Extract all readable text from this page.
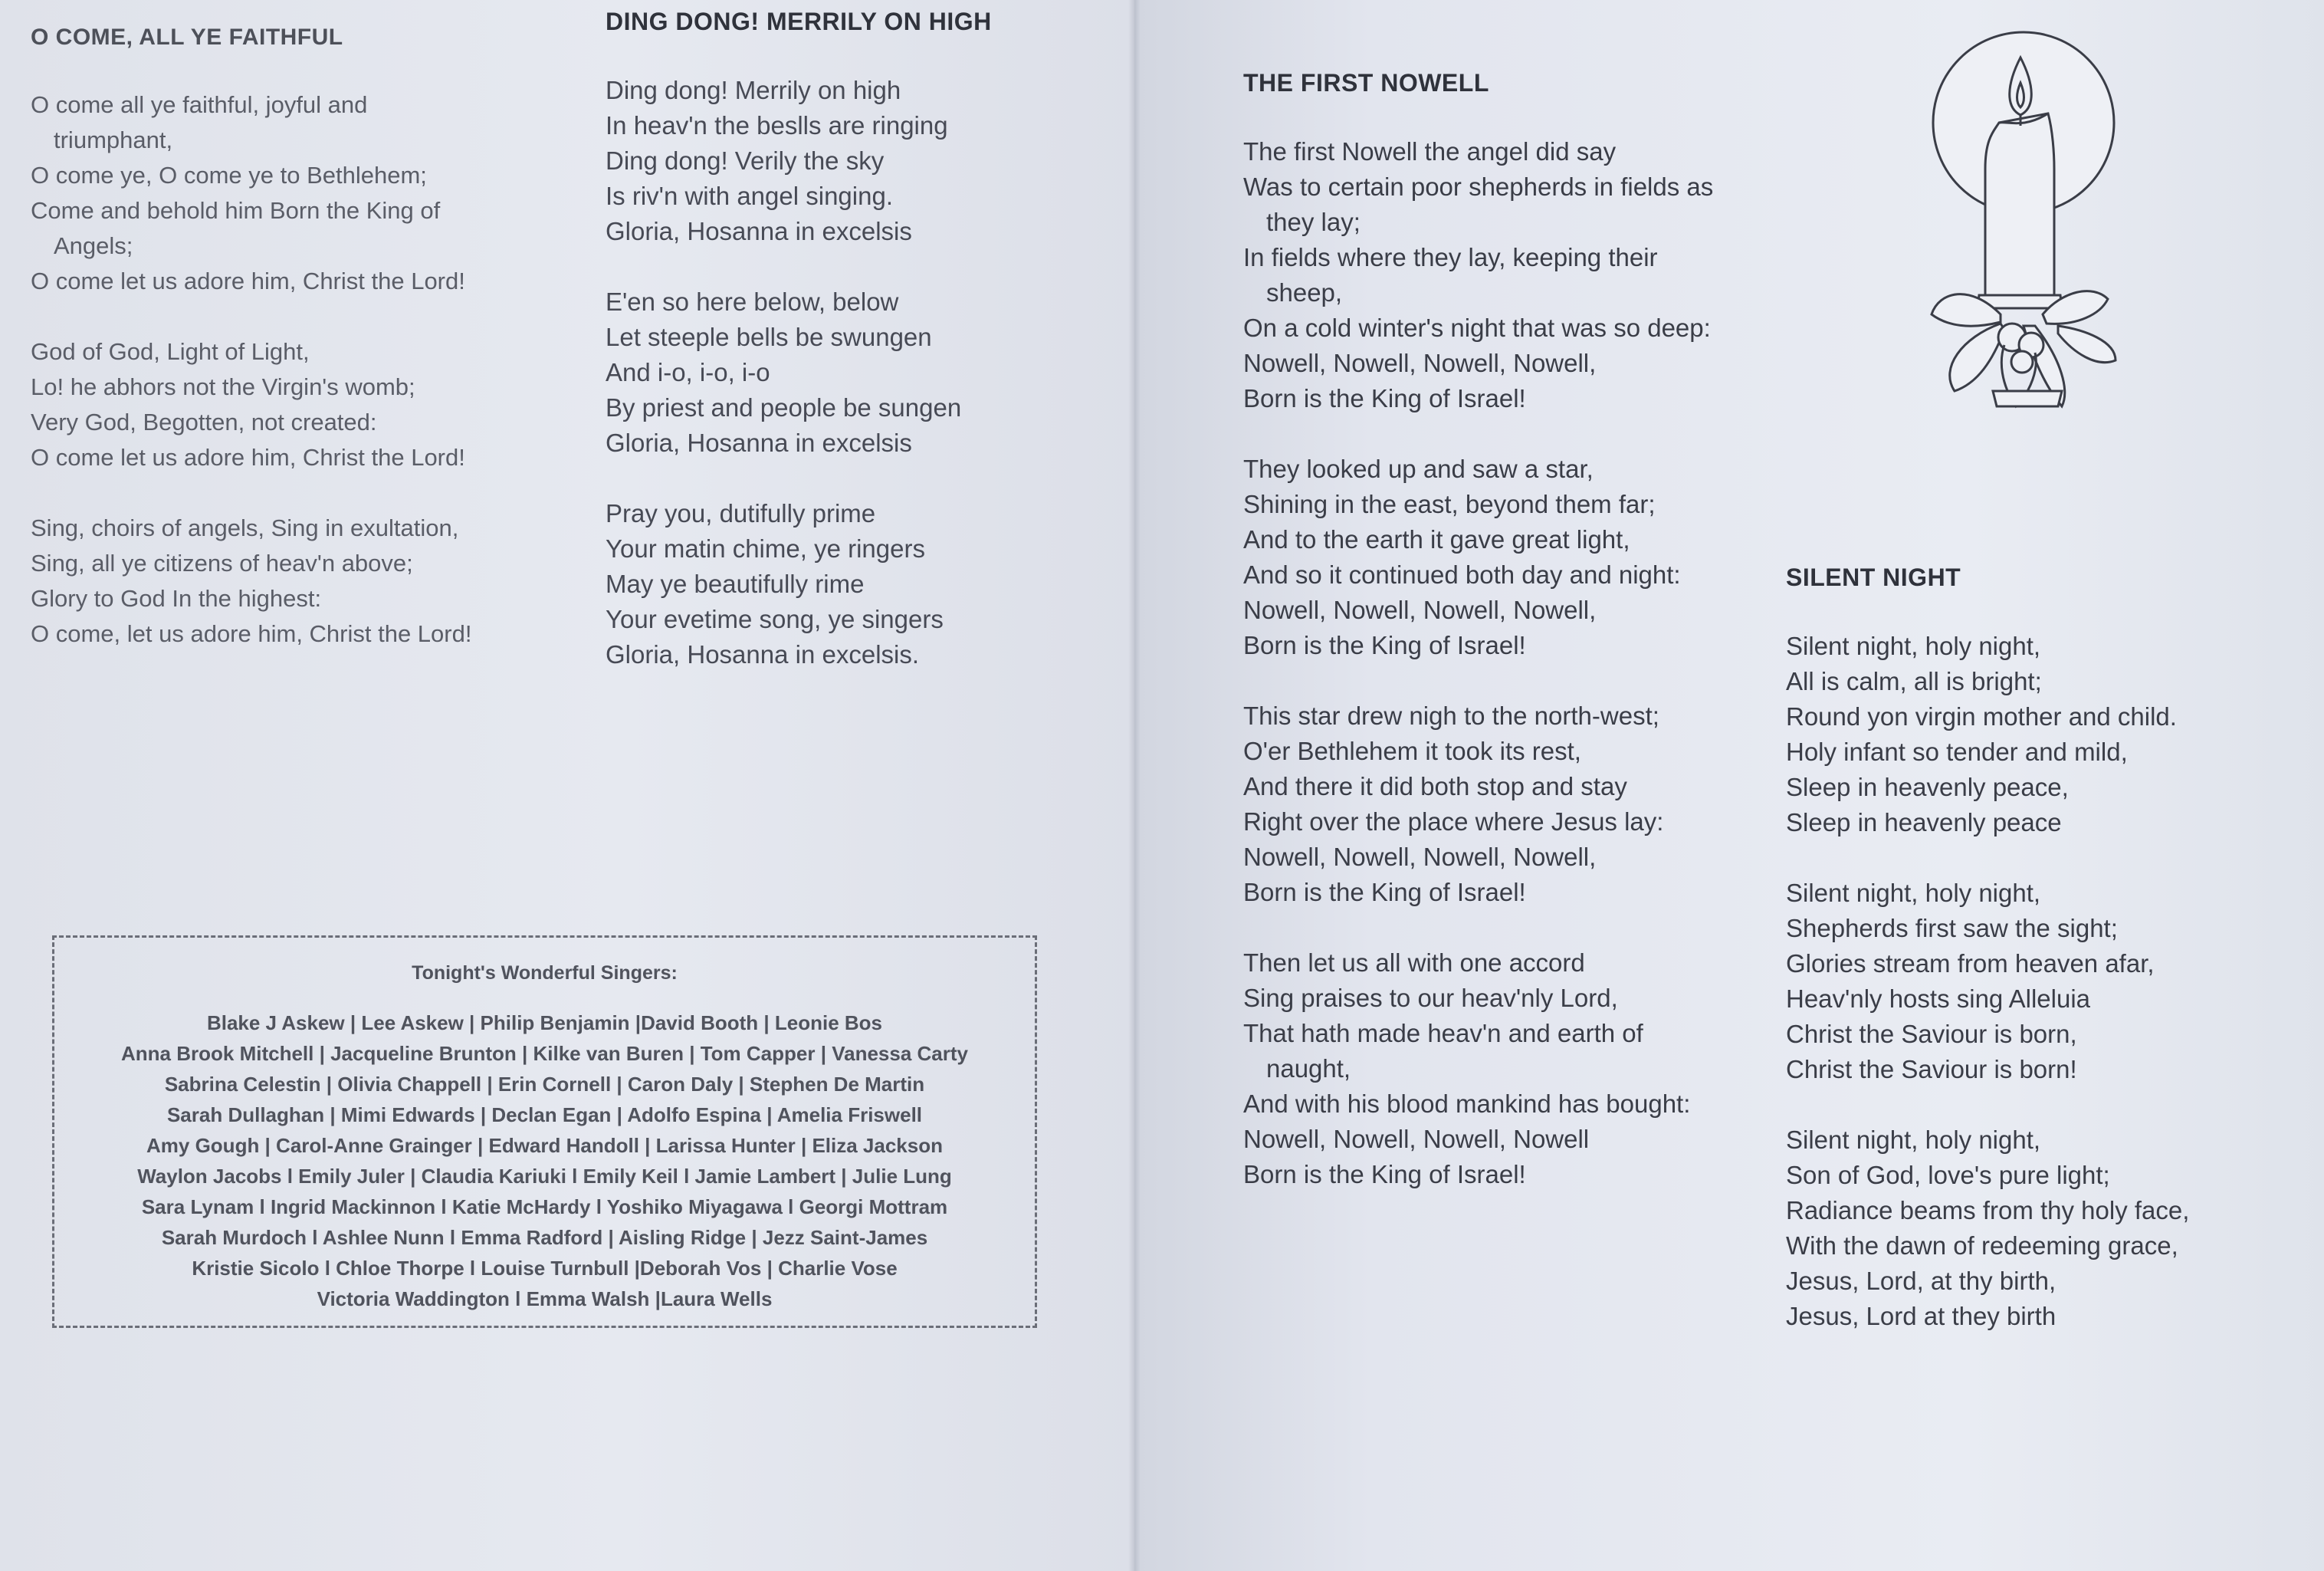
O COME, ALL YE FAITHFUL
O come all ye faithful, joyful and
triumphant,
O come ye, O come ye to Bethlehem;
Come and behold him Born the King of
Angels;
O come let us adore him, Christ the Lord!
God of God, Light of Light,
Lo! he abhors not the Virgin's womb;
Very God, Begotten, not created:
O come let us adore him, Christ the Lord!
Sing, choirs of angels, Sing in exultation,
Sing, all ye citizens of heav'n above;
Glory to God In the highest:
O come, let us adore him, Christ the Lord!
DING DONG! MERRILY ON HIGH
Ding dong! Merrily on high
In heav'n the beslls are ringing
Ding dong! Verily the sky
Is riv'n with angel singing.
Gloria, Hosanna in excelsis
E'en so here below, below
Let steeple bells be swungen
And i-o, i-o, i-o
By priest and people be sungen
Gloria, Hosanna in excelsis
Pray you, dutifully prime
Your matin chime, ye ringers
May ye beautifully rime
Your evetime song, ye singers
Gloria, Hosanna in excelsis.
THE FIRST NOWELL
The first Nowell the angel did say
Was to certain poor shepherds in fields as
they lay;
In fields where they lay, keeping their
sheep,
On a cold winter's night that was so deep:
Nowell, Nowell, Nowell, Nowell,
Born is the King of Israel!
They looked up and saw a star,
Shining in the east, beyond them far;
And to the earth it gave great light,
And so it continued both day and night:
Nowell, Nowell, Nowell, Nowell,
Born is the King of Israel!
This star drew nigh to the north-west;
O'er Bethlehem it took its rest,
And there it did both stop and stay
Right over the place where Jesus lay:
Nowell, Nowell, Nowell, Nowell,
Born is the King of Israel!
Then let us all with one accord
Sing praises to our heav'nly Lord,
That hath made heav'n and earth of
naught,
And with his blood mankind has bought:
Nowell, Nowell, Nowell, Nowell
Born is the King of Israel!
SILENT NIGHT
Silent night, holy night,
All is calm, all is bright;
Round yon virgin mother and child.
Holy infant so tender and mild,
Sleep in heavenly peace,
Sleep in heavenly peace
Silent night, holy night,
Shepherds first saw the sight;
Glories stream from heaven afar,
Heav'nly hosts sing Alleluia
Christ the Saviour is born,
Christ the Saviour is born!
Silent night, holy night,
Son of God, love's pure light;
Radiance beams from thy holy face,
With the dawn of redeeming grace,
Jesus, Lord, at thy birth,
Jesus, Lord at they birth
Tonight's Wonderful Singers:
Blake J Askew | Lee Askew | Philip Benjamin |David Booth | Leonie Bos
Anna Brook Mitchell | Jacqueline Brunton | Kilke van Buren | Tom Capper | Vanessa Carty
Sabrina Celestin | Olivia Chappell | Erin Cornell | Caron Daly | Stephen De Martin
Sarah Dullaghan | Mimi Edwards | Declan Egan | Adolfo Espina | Amelia Friswell
Amy Gough | Carol-Anne Grainger | Edward Handoll | Larissa Hunter | Eliza Jackson
Waylon Jacobs l Emily Juler | Claudia Kariuki l Emily Keil l Jamie Lambert | Julie Lung
Sara Lynam l Ingrid Mackinnon l Katie McHardy l Yoshiko Miyagawa l Georgi Mottram
Sarah Murdoch l Ashlee Nunn l Emma Radford | Aisling Ridge | Jezz Saint-James
Kristie Sicolo l Chloe Thorpe l Louise Turnbull |Deborah Vos | Charlie Vose
Victoria Waddington l Emma Walsh |Laura Wells
